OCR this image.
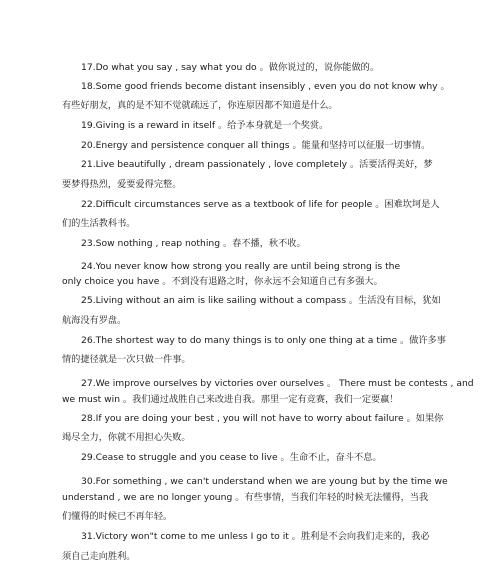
17.Do what you say , say what you do 。做你说过的，说你能做的。
18.Some good friends become distant insensibly , even you do not know why 。
有些好朋友，真的是不知不觉就疏远了，你连原因都不知道是什么。
19.Giving is a reward in itself 。给予本身就是一个奖赏。
20.Energy and persistence conquer all things 。能量和坚持可以征服一切事情。
21.Live beautifully , dream passionately , love completely 。活要活得美好，梦
要梦得热烈，爱要爱得完整。
22.Difficult circumstances serve as a textbook of life for people 。困难坎坷是人
们的生活教科书。
23.Sow nothing , reap nothing 。春不播，秋不收。
24.You never know how strong you really are until being strong is the
only choice you have 。不到没有退路之时，你永远不会知道自己有多强大。
25.Living without an aim is like sailing without a compass 。生活没有目标，犹如
航海没有罗盘。
26.The shortest way to do many things is to only one thing at a time 。做许多事
情的捷径就是一次只做一件事。
27.We improve ourselves by victories over ourselves 。 There must be contests , and
we must win 。我们通过战胜自己来改进自我。那里一定有竞赛，我们一定要赢！
28.If you are doing your best , you will not have to worry about failure 。如果你
竭尽全力，你就不用担心失败。
29.Cease to struggle and you cease to live 。生命不止，奋斗不息。
30.For something , we can't understand when we are young but by the time we
understand , we are no longer young 。有些事情，当我们年轻的时候无法懂得，当我
们懂得的时候已不再年轻。
31.Victory won"t come to me unless I go to it 。胜利是不会向我们走来的，我必
须自己走向胜利。
